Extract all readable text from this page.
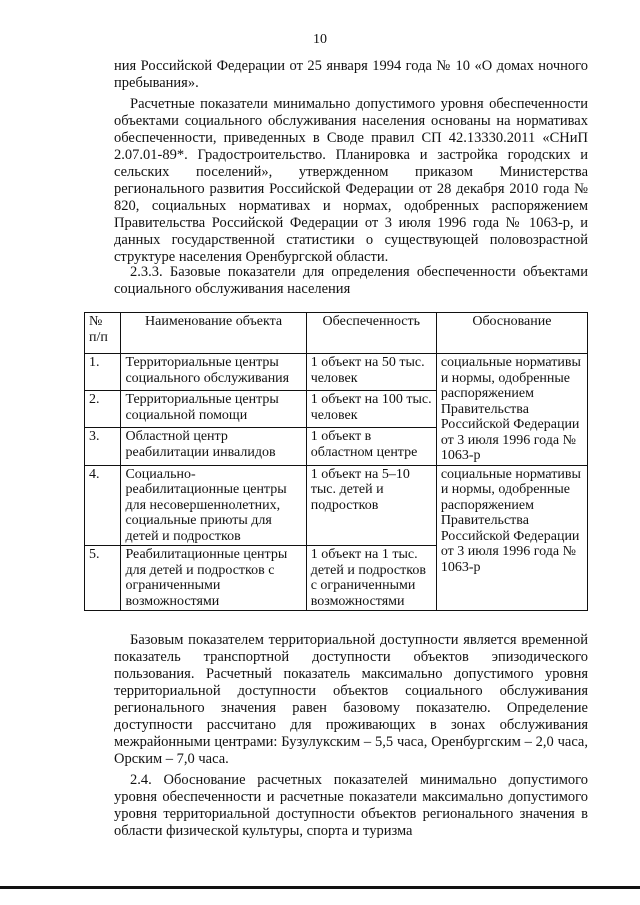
10

ния Российской Федерации от 25 января 1994 года № 10 «О домах ночного пребывания».

Расчетные показатели минимально допустимого уровня обеспеченности объектами социального обслуживания населения основаны на нормативах обеспеченности, приведенных в Своде правил СП 42.13330.2011 «СНиП 2.07.01-89*. Градостроительство. Планировка и застройка городских и сельских поселений», утвержденном приказом Министерства регионального развития Российской Федерации от 28 декабря 2010 года № 820, социальных нормативах и нормах, одобренных распоряжением Правительства Российской Федерации от 3 июля 1996 года № 1063-р, и данных государственной статистики о существующей половозрастной структуре населения Оренбургской области.

2.3.3. Базовые показатели для определения обеспеченности объектами социального обслуживания населения

№ п/п	Наименование объекта	Обеспеченность	Обоснование
1.	Территориальные центры социального обслуживания	1 объект на 50 тыс. человек	социальные нормативы и нормы, одобренные распоряжением Правительства Российской Федерации от 3 июля 1996 года № 1063-р
2.	Территориальные центры социальной помощи	1 объект на 100 тыс. человек	
3.	Областной центр реабилитации инвалидов	1 объект в областном центре	
4.	Социально-реабилитационные центры для несовершеннолетних, социальные приюты для детей и подростков	1 объект на 5–10 тыс. детей и подростков	социальные нормативы и нормы, одобренные распоряжением Правительства Российской Федерации от 3 июля 1996 года № 1063-р
5.	Реабилитационные центры для детей и подростков с ограниченными возможностями	1 объект на 1 тыс. детей и подростков с ограниченными возможностями	

Базовым показателем территориальной доступности является временной показатель транспортной доступности объектов эпизодического пользования. Расчетный показатель максимально допустимого уровня территориальной доступности объектов социального обслуживания регионального значения равен базовому показателю. Определение доступности рассчитано для проживающих в зонах обслуживания межрайонными центрами: Бузулукским – 5,5 часа, Оренбургским – 2,0 часа, Орским – 7,0 часа.

2.4. Обоснование расчетных показателей минимально допустимого уровня обеспеченности и расчетные показатели максимально допустимого уровня территориальной доступности объектов регионального значения в области физической культуры, спорта и туризма
